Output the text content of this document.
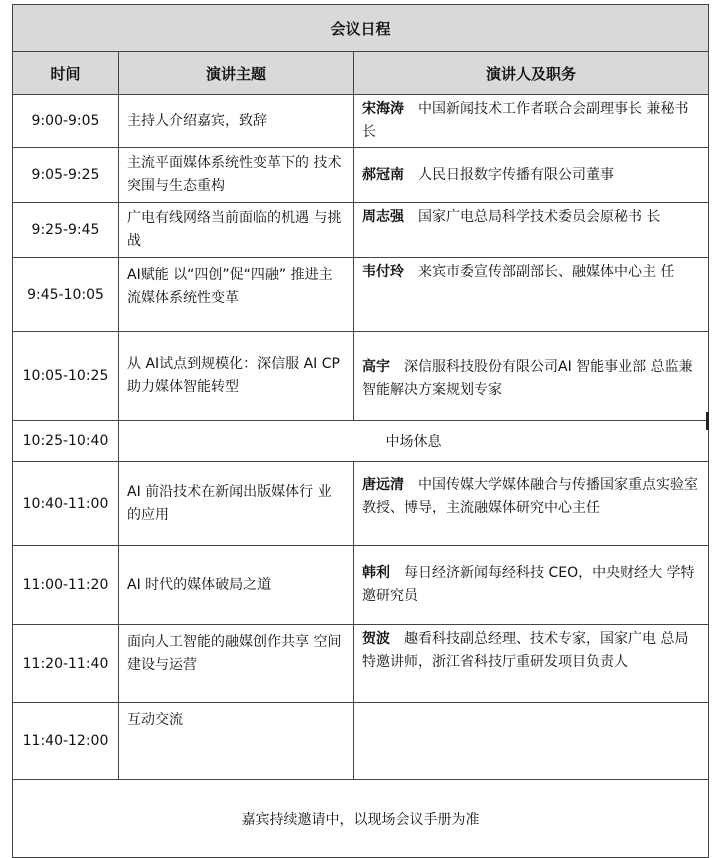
会议日程		
时间	演讲主题	演讲人及职务
9:00-9:05	主持人介绍嘉宾，致辞	宋海涛 中国新闻技术工作者联合会副理事长 兼秘书长
9:05-9:25	主流平面媒体系统性变革下的 技术突围与生态重构	郝冠南 人民日报数字传播有限公司董事
9:25-9:45	广电有线网络当前面临的机遇 与挑战	周志强 国家广电总局科学技术委员会原秘书 长
9:45-10:05	AI赋能 以“四创”促“四融” 推进主流媒体系统性变革	韦付玲 来宾市委宣传部副部长、融媒体中心主 任
10:05-10:25	从 AI试点到规模化：深信服 AI CP 助力媒体智能转型	高宇 深信服科技股份有限公司AI 智能事业部 总监兼智能解决方案规划专家
10:25-10:40	中场休息	
10:40-11:00	AI 前沿技术在新闻出版媒体行 业的应用	唐远清 中国传媒大学媒体融合与传播国家重点实验室教授、博导，主流融媒体研究中心主任
11:00-11:20	AI 时代的媒体破局之道	韩利 每日经济新闻每经科技 CEO，中央财经大 学特邀研究员
11:20-11:40	面向人工智能的融媒创作共享 空间建设与运营	贺波 趣看科技副总经理、技术专家，国家广电 总局特邀讲师，浙江省科技厅重研发项目负责人
11:40-12:00	互动交流	
嘉宾持续邀请中，以现场会议手册为准		
